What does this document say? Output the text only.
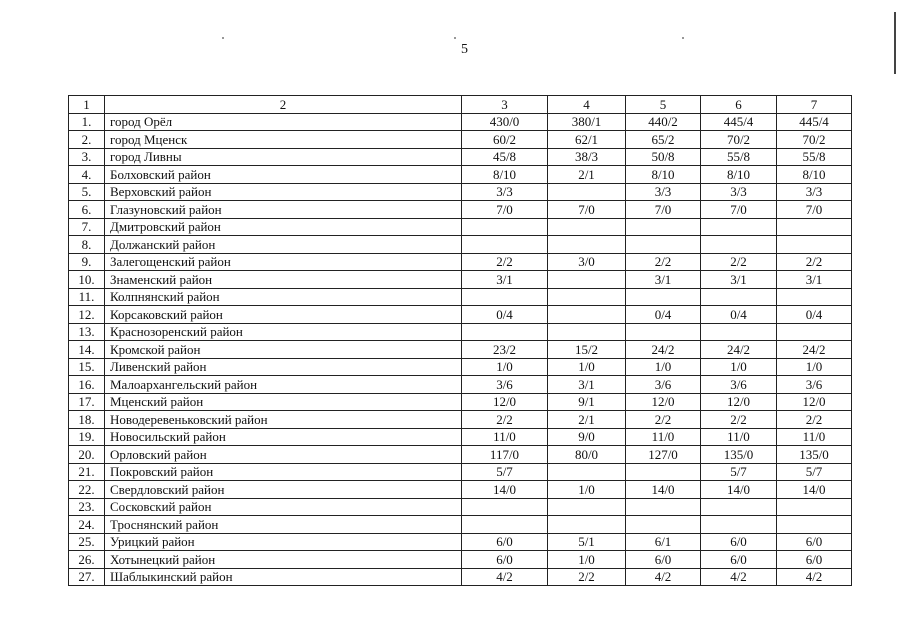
5
1	2	3	4	5	6	7
1.	город Орёл	430/0	380/1	440/2	445/4	445/4
2.	город Мценск	60/2	62/1	65/2	70/2	70/2
3.	город Ливны	45/8	38/3	50/8	55/8	55/8
4.	Болховский район	8/10	2/1	8/10	8/10	8/10
5.	Верховский район	3/3		3/3	3/3	3/3
6.	Глазуновский район	7/0	7/0	7/0	7/0	7/0
7.	Дмитровский район					
8.	Должанский район					
9.	Залегощенский район	2/2	3/0	2/2	2/2	2/2
10.	Знаменский район	3/1		3/1	3/1	3/1
11.	Колпнянский район					
12.	Корсаковский район	0/4		0/4	0/4	0/4
13.	Краснозоренский район					
14.	Кромской район	23/2	15/2	24/2	24/2	24/2
15.	Ливенский район	1/0	1/0	1/0	1/0	1/0
16.	Малоархангельский район	3/6	3/1	3/6	3/6	3/6
17.	Мценский район	12/0	9/1	12/0	12/0	12/0
18.	Новодеревеньковский район	2/2	2/1	2/2	2/2	2/2
19.	Новосильский район	11/0	9/0	11/0	11/0	11/0
20.	Орловский район	117/0	80/0	127/0	135/0	135/0
21.	Покровский район	5/7			5/7	5/7
22.	Свердловский район	14/0	1/0	14/0	14/0	14/0
23.	Сосковский район					
24.	Троснянский район					
25.	Урицкий район	6/0	5/1	6/1	6/0	6/0
26.	Хотынецкий район	6/0	1/0	6/0	6/0	6/0
27.	Шаблыкинский район	4/2	2/2	4/2	4/2	4/2
